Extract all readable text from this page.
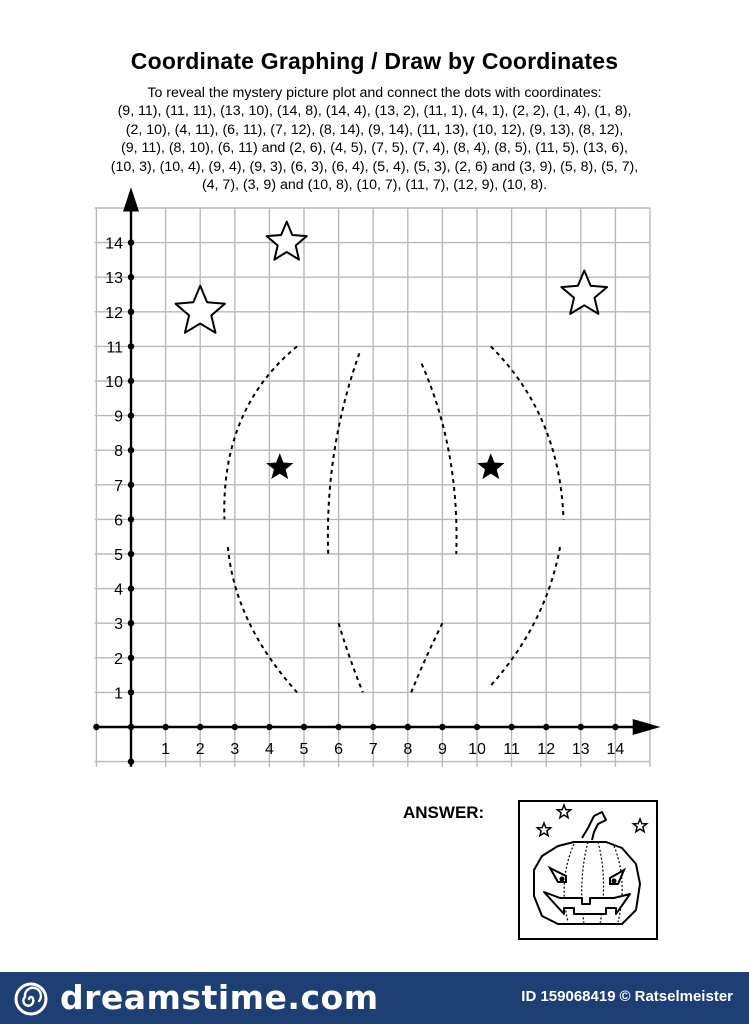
Coordinate Graphing / Draw by Coordinates
To reveal the mystery picture plot and connect the dots with coordinates:
(9, 11), (11, 11), (13, 10), (14, 8), (14, 4), (13, 2), (11, 1), (4, 1), (2, 2), (1, 4), (1, 8),
(2, 10), (4, 11), (6, 11), (7, 12), (8, 14), (9, 14), (11, 13), (10, 12), (9, 13), (8, 12),
(9, 11), (8, 10), (6, 11) and (2, 6), (4, 5), (7, 5), (7, 4), (8, 4), (8, 5), (11, 5), (13, 6),
(10, 3), (10, 4), (9, 4), (9, 3), (6, 3), (6, 4), (5, 4), (5, 3), (2, 6) and (3, 9), (5, 8), (5, 7),
(4, 7), (3, 9) and (10, 8), (10, 7), (11, 7), (12, 9), (10, 8).
1 2 3 4 5 6 7 8 9 10 11 12 13 14
1
2
3
4
5
6
7
8
9
10
11
12
13
14
ANSWER:
dreamstime.com	ID 159068419 © Ratselmeister
